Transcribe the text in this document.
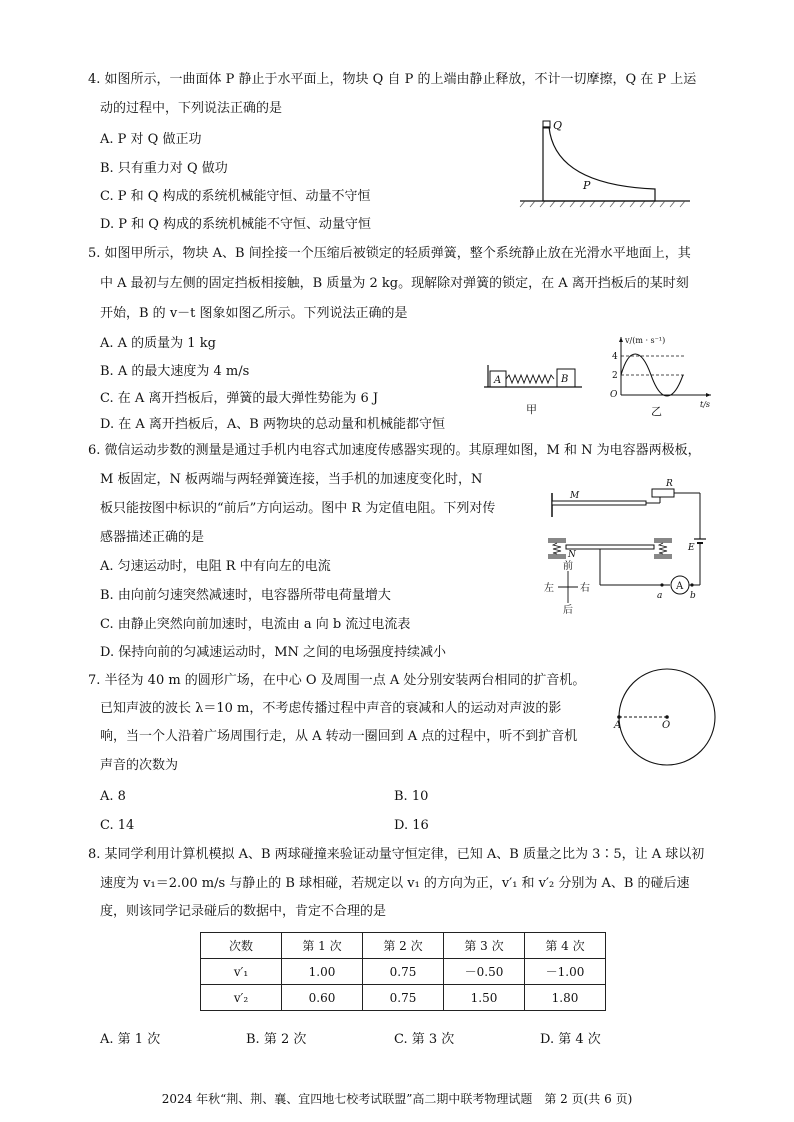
4. 如图所示，一曲面体 P 静止于水平面上，物块 Q 自 P 的上端由静止释放，不计一切摩擦，Q 在 P 上运
动的过程中，下列说法正确的是
A. P 对 Q 做正功
B. 只有重力对 Q 做功
C. P 和 Q 构成的系统机械能守恒、动量不守恒
D. P 和 Q 构成的系统机械能不守恒、动量守恒
Q
P
5. 如图甲所示，物块 A、B 间拴接一个压缩后被锁定的轻质弹簧，整个系统静止放在光滑水平地面上，其
中 A 最初与左侧的固定挡板相接触，B 质量为 2 kg。现解除对弹簧的锁定，在 A 离开挡板后的某时刻
开始，B 的 v－t 图象如图乙所示。下列说法正确的是
A. A 的质量为 1 kg
B. A 的最大速度为 4 m/s
C. 在 A 离开挡板后，弹簧的最大弹性势能为 6 J
D. 在 A 离开挡板后，A、B 两物块的总动量和机械能都守恒
A	B
甲
v/(m · s⁻¹)
4
2
O
t/s
乙
6. 微信运动步数的测量是通过手机内电容式加速度传感器实现的。其原理如图，M 和 N 为电容器两极板，
M 板固定，N 板两端与两轻弹簧连接，当手机的加速度变化时，N
板只能按图中标识的“前后”方向运动。图中 R 为定值电阻。下列对传
感器描述正确的是
A. 匀速运动时，电阻 R 中有向左的电流
B. 由向前匀速突然减速时，电容器所带电荷量增大
C. 由静止突然向前加速时，电流由 a 向 b 流过电流表
D. 保持向前的匀减速运动时，MN 之间的电场强度持续减小
M
R
E
N
A
a	b
前
后
左	右
7. 半径为 40 m 的圆形广场，在中心 O 及周围一点 A 处分别安装两台相同的扩音机。
已知声波的波长 λ＝10 m，不考虑传播过程中声音的衰减和人的运动对声波的影
响，当一个人沿着广场周围行走，从 A 转动一圈回到 A 点的过程中，听不到扩音机
声音的次数为
A. 8	B. 10
C. 14	D. 16
A	O
8. 某同学利用计算机模拟 A、B 两球碰撞来验证动量守恒定律，已知 A、B 质量之比为 3∶5，让 A 球以初
速度为 v₁＝2.00 m/s 与静止的 B 球相碰，若规定以 v₁ 的方向为正，v′₁ 和 v′₂ 分别为 A、B 的碰后速
度，则该同学记录碰后的数据中，肯定不合理的是
次数	第 1 次	第 2 次	第 3 次	第 4 次
v′₁	1.00	0.75	－0.50	－1.00
v′₂	0.60	0.75	1.50	1.80
A. 第 1 次	B. 第 2 次	C. 第 3 次	D. 第 4 次
2024 年秋“荆、荆、襄、宜四地七校考试联盟”高二期中联考物理试题　第 2 页(共 6 页)
